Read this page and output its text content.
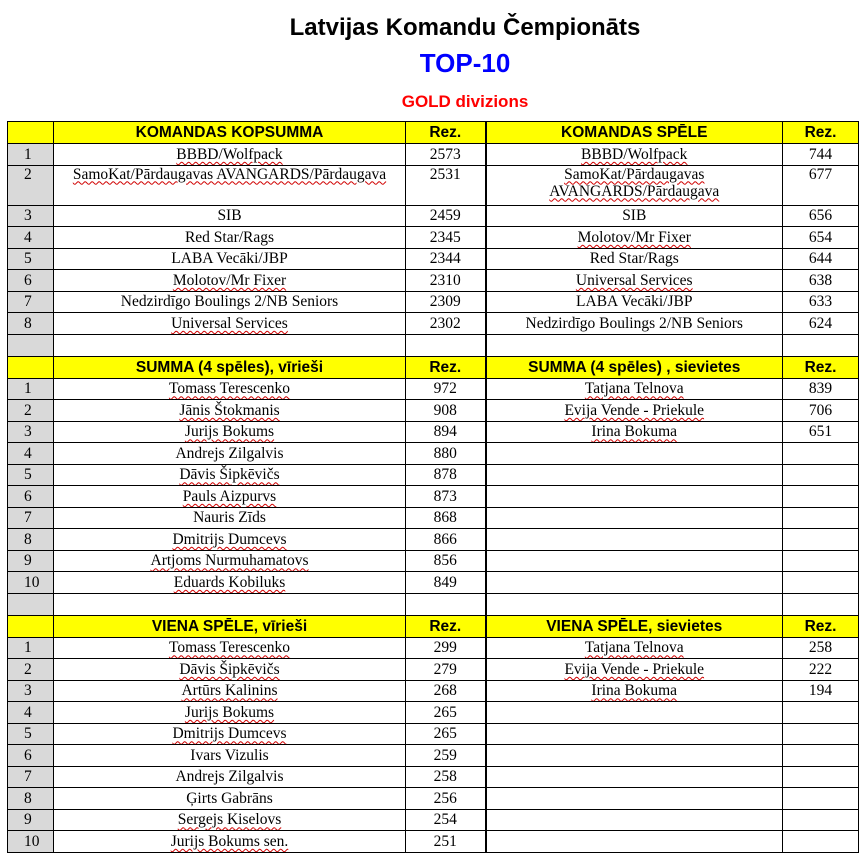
Latvijas Komandu Čempionāts
TOP-10
GOLD divizions
	KOMANDAS KOPSUMMA	Rez.	KOMANDAS SPĒLE	Rez.
1	BBBD/Wolfpack	2573	BBBD/Wolfpack	744
2	SamoKat/Pārdaugavas AVANGARDS/Pārdaugava	2531	SamoKat/Pārdaugavas AVANGARDS/Pārdaugava	677
3	SIB	2459	SIB	656
4	Red Star/Rags	2345	Molotov/Mr Fixer	654
5	LABA Vecāki/JBP	2344	Red Star/Rags	644
6	Molotov/Mr Fixer	2310	Universal Services	638
7	Nedzirdīgo Boulings 2/NB Seniors	2309	LABA Vecāki/JBP	633
8	Universal Services	2302	Nedzirdīgo Boulings 2/NB Seniors	624

	SUMMA (4 spēles), vīrieši	Rez.	SUMMA (4 spēles) , sievietes	Rez.
1	Tomass Terescenko	972	Tatjana Telnova	839
2	Jānis Štokmanis	908	Evija Vende - Priekule	706
3	Jurijs Bokums	894	Irina Bokuma	651
4	Andrejs Zilgalvis	880		
5	Dāvis Šipkēvičs	878		
6	Pauls Aizpurvs	873		
7	Nauris Zīds	868		
8	Dmitrijs Dumcevs	866		
9	Artjoms Nurmuhamatovs	856		
10	Eduards Kobiluks	849		

	VIENA SPĒLE, vīrieši	Rez.	VIENA SPĒLE, sievietes	Rez.
1	Tomass Terescenko	299	Tatjana Telnova	258
2	Dāvis Šipkēvičs	279	Evija Vende - Priekule	222
3	Artūrs Kalinins	268	Irina Bokuma	194
4	Jurijs Bokums	265		
5	Dmitrijs Dumcevs	265		
6	Ivars Vizulis	259		
7	Andrejs Zilgalvis	258		
8	Ģirts Gabrāns	256		
9	Sergejs Kiselovs	254		
10	Jurijs Bokums sen.	251		
